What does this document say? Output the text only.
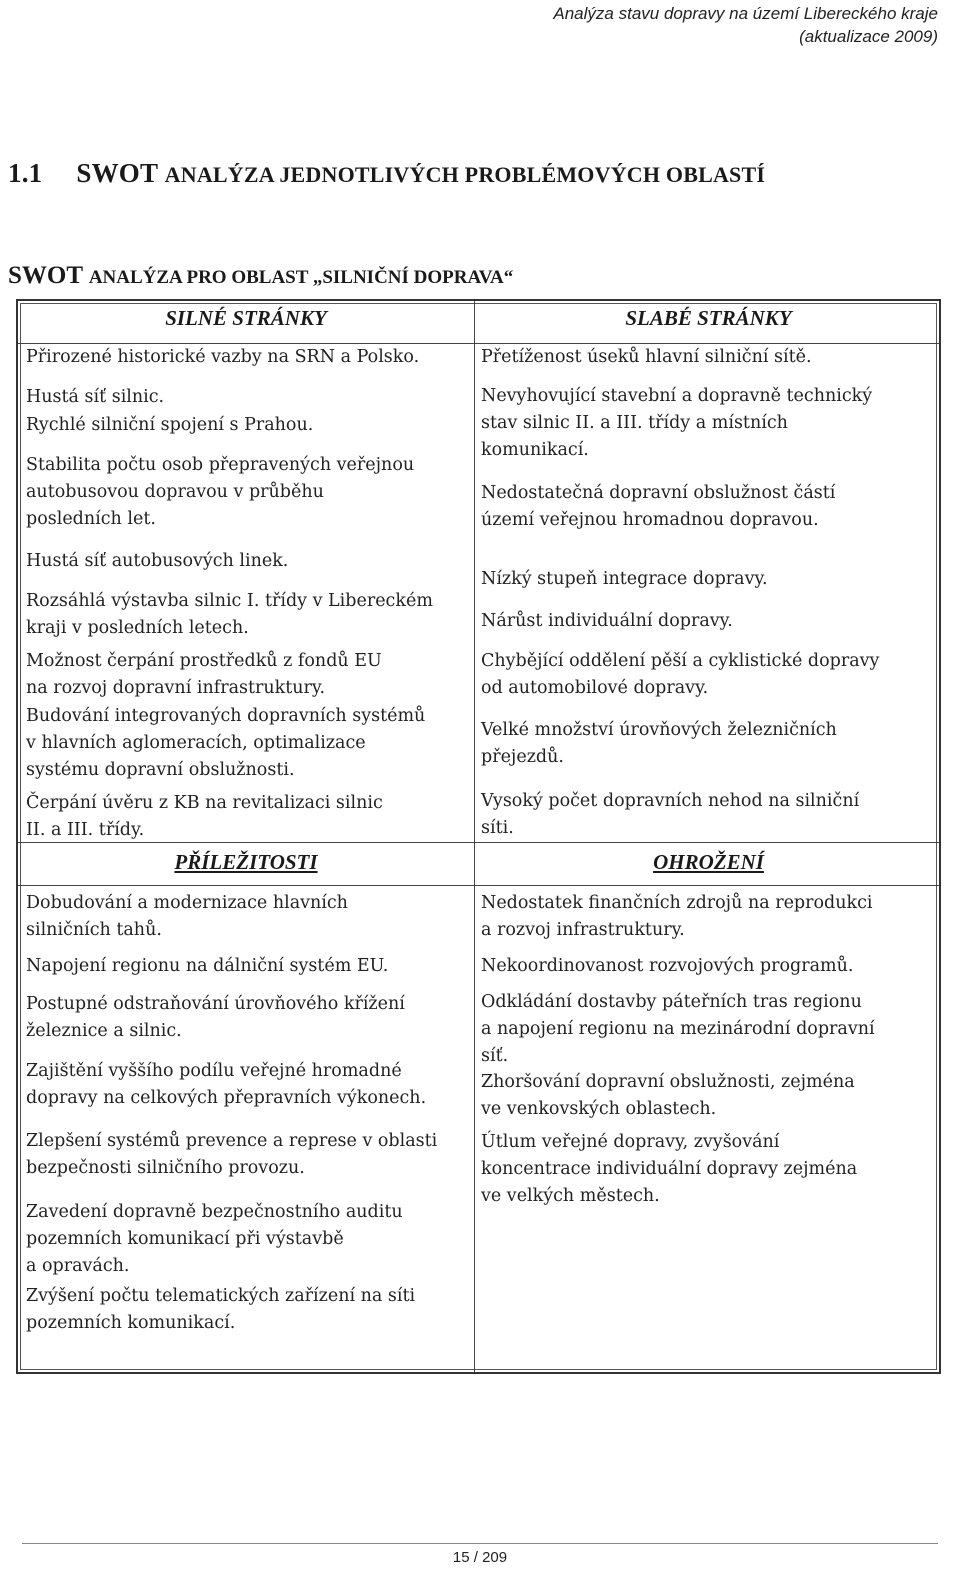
Analýza stavu dopravy na území Libereckého kraje
(aktualizace 2009)
1.1 SWOT ANALÝZA JEDNOTLIVÝCH PROBLÉMOVÝCH OBLASTÍ
SWOT ANALÝZA PRO OBLAST „SILNIČNÍ DOPRAVA“
SILNÉ STRÁNKY	SLABÉ STRÁNKY
PŘÍLEŽITOSTI	OHROŽENÍ
Přirozené historické vazby na SRN a Polsko.
Hustá síť silnic.
Rychlé silniční spojení s Prahou.
Stabilita počtu osob přepravených veřejnou
autobusovou dopravou v průběhu
posledních let.
Hustá síť autobusových linek.
Rozsáhlá výstavba silnic I. třídy v Libereckém
kraji v posledních letech.
Možnost čerpání prostředků z fondů EU
na rozvoj dopravní infrastruktury.
Budování integrovaných dopravních systémů
v hlavních aglomeracích, optimalizace
systému dopravní obslužnosti.
Čerpání úvěru z KB na revitalizaci silnic
II. a III. třídy.
Přetíženost úseků hlavní silniční sítě.
Nevyhovující stavební a dopravně technický
stav silnic II. a III. třídy a místních
komunikací.
Nedostatečná dopravní obslužnost částí
území veřejnou hromadnou dopravou.
Nízký stupeň integrace dopravy.
Nárůst individuální dopravy.
Chybějící oddělení pěší a cyklistické dopravy
od automobilové dopravy.
Velké množství úrovňových železničních
přejezdů.
Vysoký počet dopravních nehod na silniční
síti.
Dobudování a modernizace hlavních
silničních tahů.
Napojení regionu na dálniční systém EU.
Postupné odstraňování úrovňového křížení
železnice a silnic.
Zajištění vyššího podílu veřejné hromadné
dopravy na celkových přepravních výkonech.
Zlepšení systémů prevence a represe v oblasti
bezpečnosti silničního provozu.
Zavedení dopravně bezpečnostního auditu
pozemních komunikací při výstavbě
a opravách.
Zvýšení počtu telematických zařízení na síti
pozemních komunikací.
Nedostatek finančních zdrojů na reprodukci
a rozvoj infrastruktury.
Nekoordinovanost rozvojových programů.
Odkládání dostavby páteřních tras regionu
a napojení regionu na mezinárodní dopravní
síť.
Zhoršování dopravní obslužnosti, zejména
ve venkovských oblastech.
Útlum veřejné dopravy, zvyšování
koncentrace individuální dopravy zejména
ve velkých městech.
15 / 209
